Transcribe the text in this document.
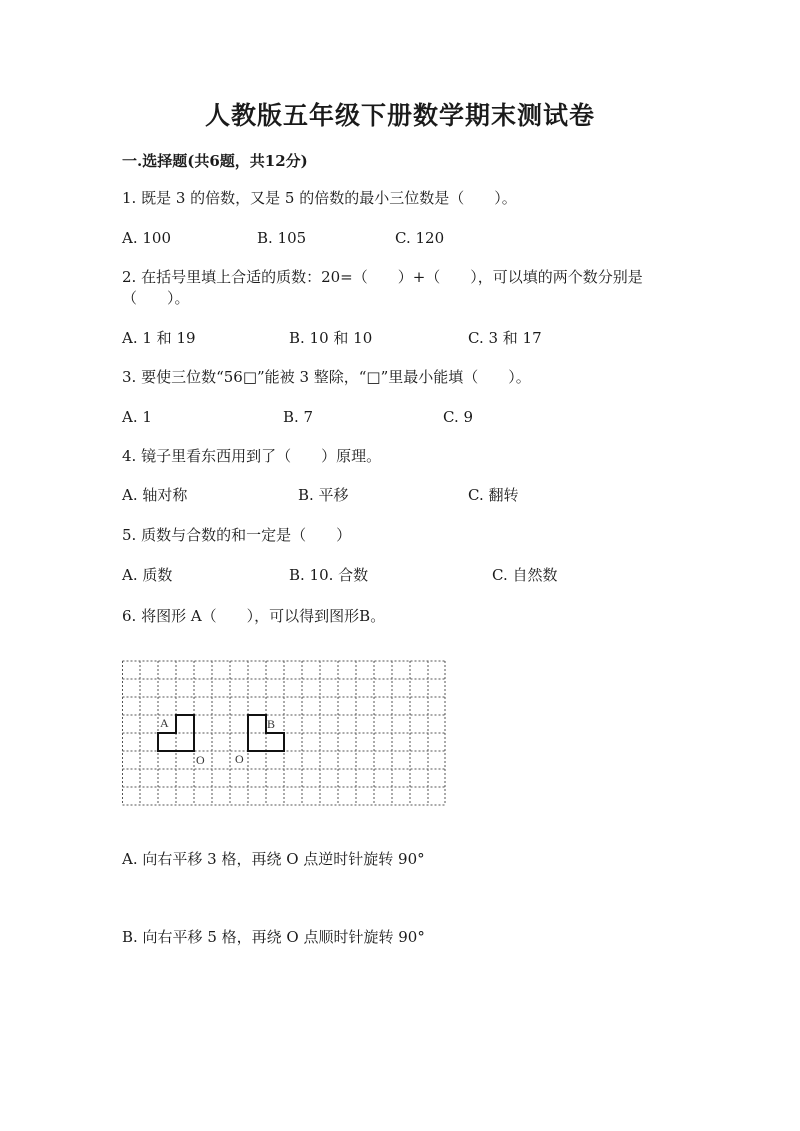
人教版五年级下册数学期末测试卷
一.选择题(共6题，共12分)
1. 既是 3 的倍数，又是 5 的倍数的最小三位数是（　　）。
A. 100	B. 105	C. 120
2. 在括号里填上合适的质数：20=（　　）+（　　），可以填的两个数分别是
（　　）。
A. 1 和 19	B. 10 和 10	C. 3 和 17
3. 要使三位数“56□”能被 3 整除，“□”里最小能填（　　）。
A. 1	B. 7	C. 9
4. 镜子里看东西用到了（　　）原理。
A. 轴对称	B. 平移	C. 翻转
5. 质数与合数的和一定是（　　）
A. 质数	B. 10. 合数	C. 自然数
6. 将图形 A（　　），可以得到图形B。
A	B
O	O
A. 向右平移 3 格，再绕 O 点逆时针旋转 90°
B. 向右平移 5 格，再绕 O 点顺时针旋转 90°
